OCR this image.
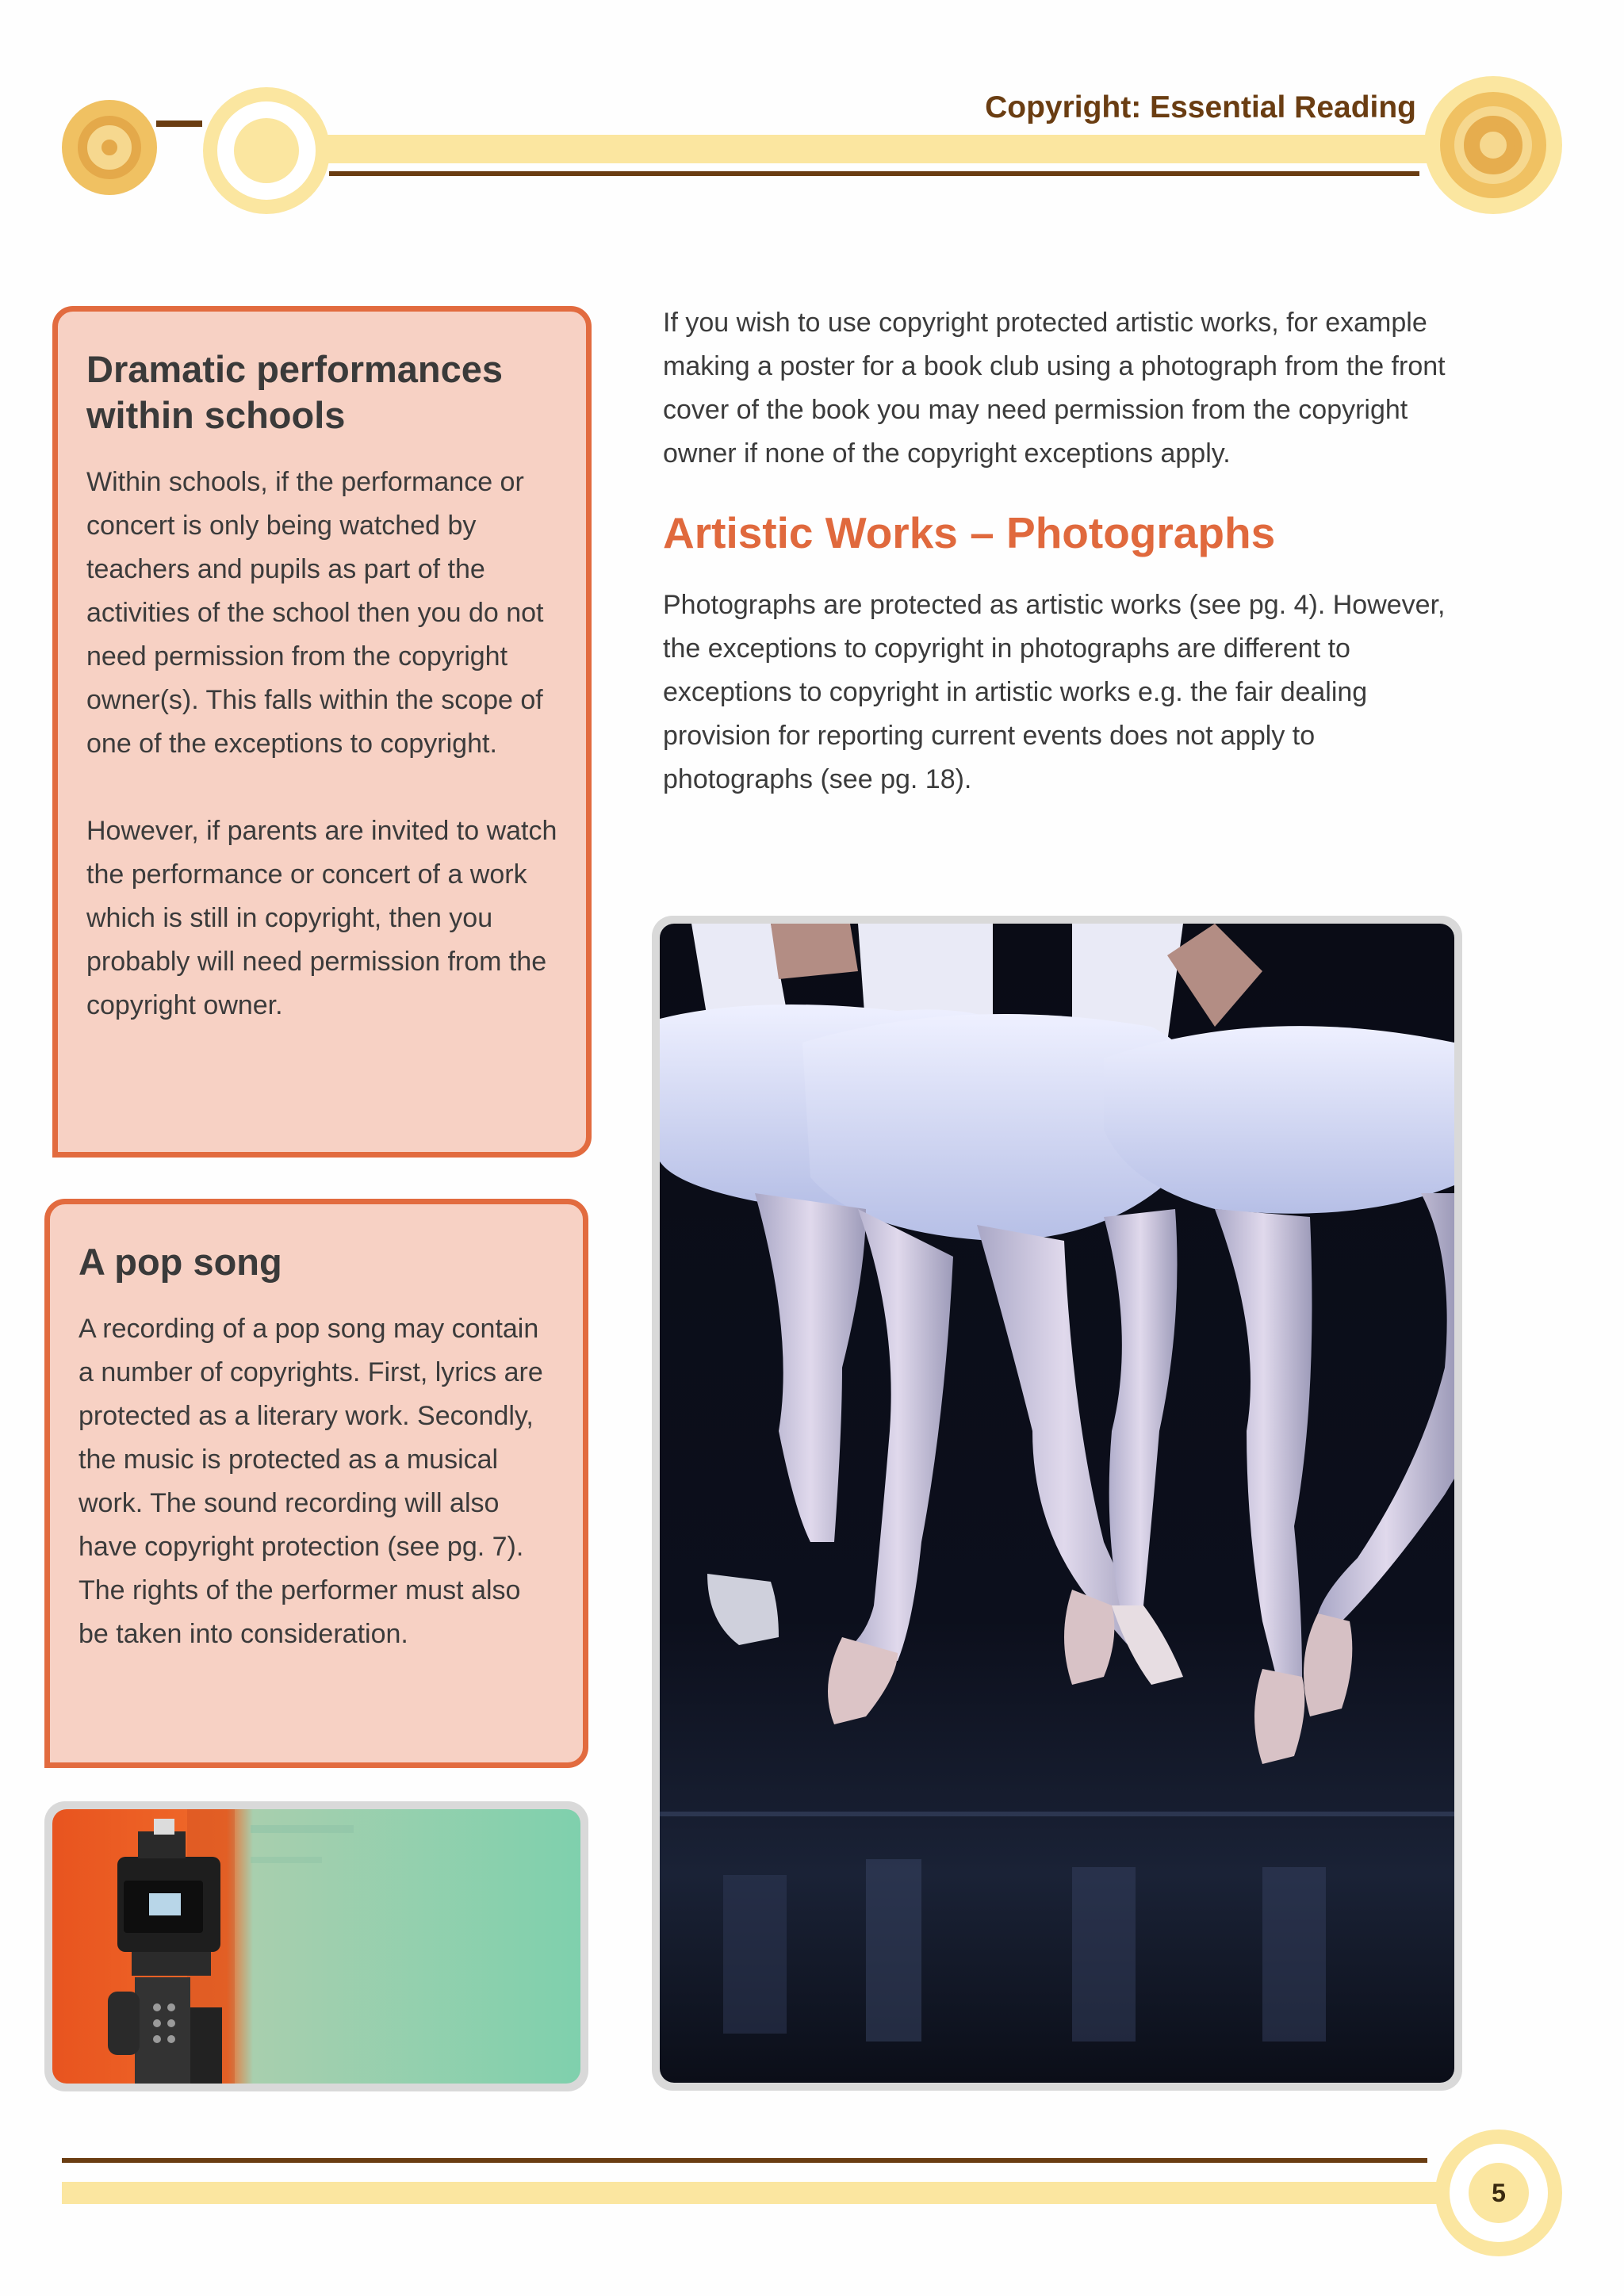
Copyright: Essential Reading
Dramatic performances
within schools

Within schools, if the performance or concert is only being watched by teachers and pupils as part of the activities of the school then you do not need permission from the copyright owner(s). This falls within the scope of one of the exceptions to copyright.

However, if parents are invited to watch the performance or concert of a work which is still in copyright, then you probably will need permission from the copyright owner.

A pop song

A recording of a pop song may contain a number of copyrights. First, lyrics are protected as a literary work. Secondly, the music is protected as a musical work. The sound recording will also have copyright protection (see pg. 7). The rights of the performer must also be taken into consideration.

If you wish to use copyright protected artistic works, for example making a poster for a book club using a photograph from the front cover of the book you may need permission from the copyright owner if none of the copyright exceptions apply.

Artistic Works – Photographs

Photographs are protected as artistic works (see pg. 4). However, the exceptions to copyright in photographs are different to exceptions to copyright in artistic works e.g. the fair dealing provision for reporting current events does not apply to photographs (see pg. 18).

5
